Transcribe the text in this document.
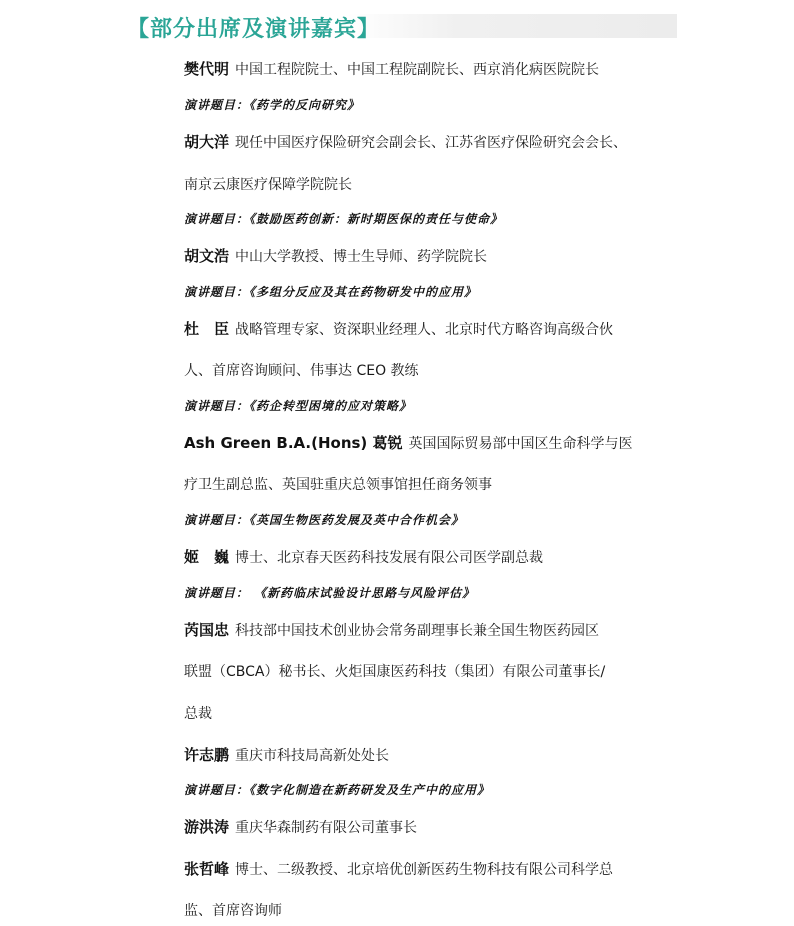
【部分出席及演讲嘉宾】
樊代明 中国工程院院士、中国工程院副院长、西京消化病医院院长
演讲题目：《药学的反向研究》
胡大洋 现任中国医疗保险研究会副会长、江苏省医疗保险研究会会长、
南京云康医疗保障学院院长
演讲题目：《鼓励医药创新：新时期医保的责任与使命》
胡文浩 中山大学教授、博士生导师、药学院院长
演讲题目：《多组分反应及其在药物研发中的应用》
杜　臣 战略管理专家、资深职业经理人、北京时代方略咨询高级合伙
人、首席咨询顾问、伟事达 CEO 教练
演讲题目：《药企转型困境的应对策略》
Ash Green B.A.(Hons) 葛锐 英国国际贸易部中国区生命科学与医
疗卫生副总监、英国驻重庆总领事馆担任商务领事
演讲题目：《英国生物医药发展及英中合作机会》
姬　巍 博士、北京春天医药科技发展有限公司医学副总裁
演讲题目： 《新药临床试验设计思路与风险评估》
芮国忠 科技部中国技术创业协会常务副理事长兼全国生物医药园区
联盟（CBCA）秘书长、火炬国康医药科技（集团）有限公司董事长/
总裁
许志鹏 重庆市科技局高新处处长
演讲题目：《数字化制造在新药研发及生产中的应用》
游洪涛 重庆华森制药有限公司董事长
张哲峰 博士、二级教授、北京培优创新医药生物科技有限公司科学总
监、首席咨询师
